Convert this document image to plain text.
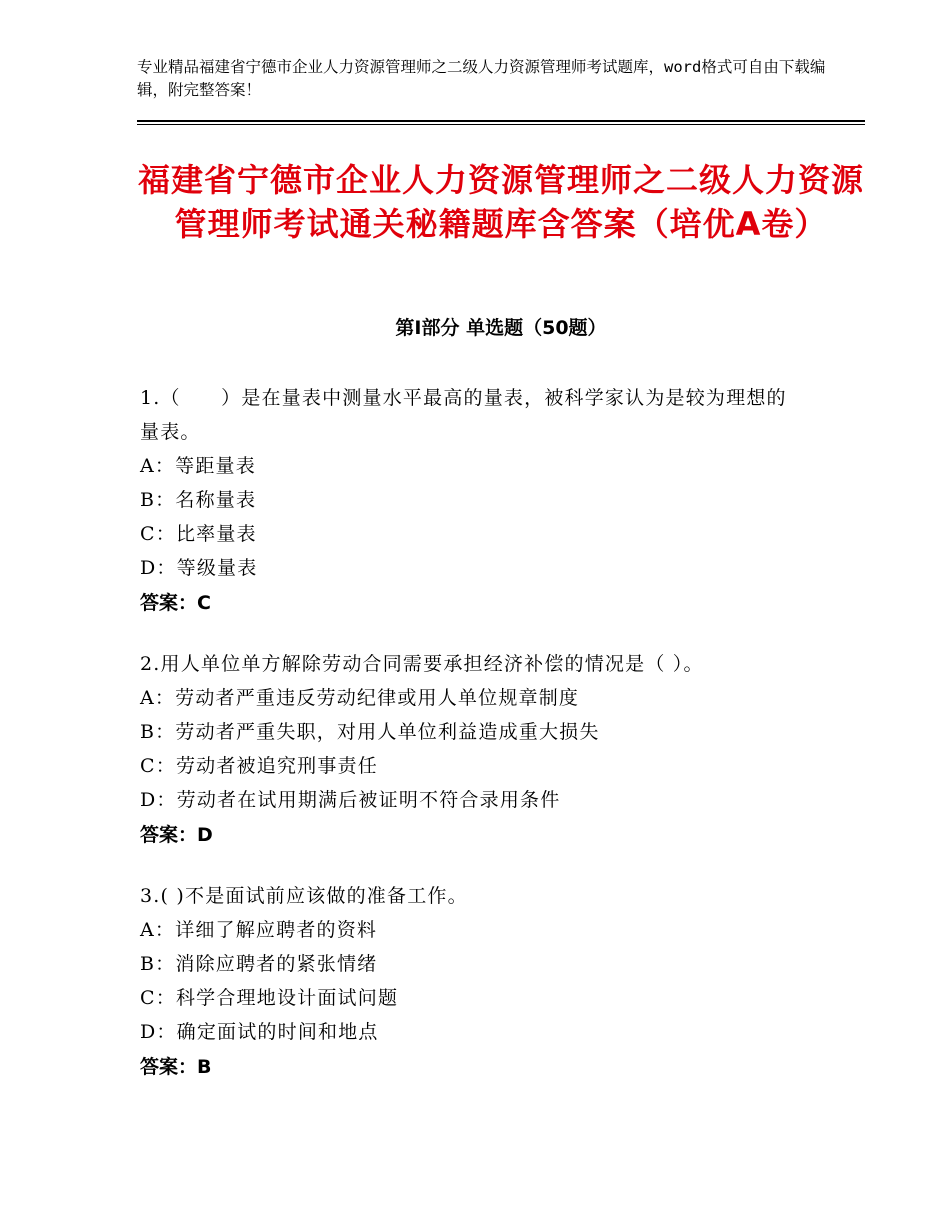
专业精品福建省宁德市企业人力资源管理师之二级人力资源管理师考试题库，word格式可自由下载编辑，附完整答案！
福建省宁德市企业人力资源管理师之二级人力资源管理师考试通关秘籍题库含答案（培优A卷）
第Ⅰ部分 单选题（50题）
1.（　　）是在量表中测量水平最高的量表，被科学家认为是较为理想的量表。
A：等距量表
B：名称量表
C：比率量表
D：等级量表
答案：C
2.用人单位单方解除劳动合同需要承担经济补偿的情况是（ ）。
A：劳动者严重违反劳动纪律或用人单位规章制度
B：劳动者严重失职，对用人单位利益造成重大损失
C：劳动者被追究刑事责任
D：劳动者在试用期满后被证明不符合录用条件
答案：D
3.( )不是面试前应该做的准备工作。
A：详细了解应聘者的资料
B：消除应聘者的紧张情绪
C：科学合理地设计面试问题
D：确定面试的时间和地点
答案：B
